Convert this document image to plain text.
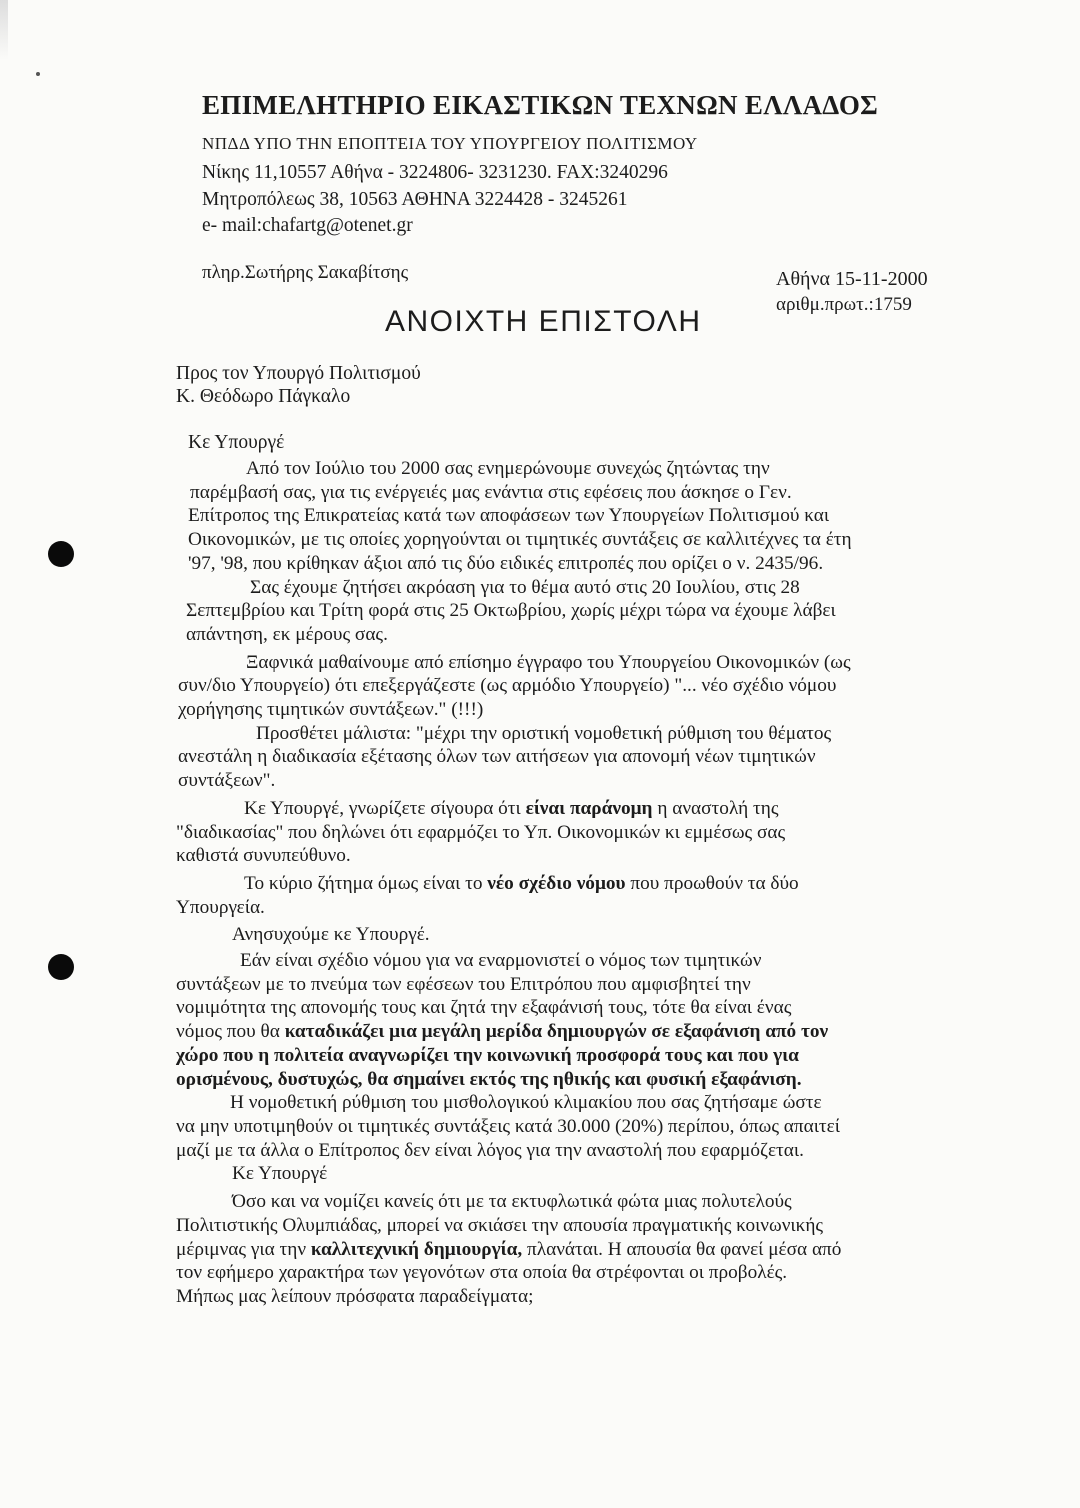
ΕΠΙΜΕΛΗΤΗΡΙΟ ΕΙΚΑΣΤΙΚΩΝ ΤΕΧΝΩΝ ΕΛΛΑΔΟΣ
ΝΠΔΔ ΥΠΟ ΤΗΝ ΕΠΟΠΤΕΙΑ ΤΟΥ ΥΠΟΥΡΓΕΙΟΥ ΠΟΛΙΤΙΣΜΟΥ
Νίκης 11,10557 Αθήνα - 3224806- 3231230. FAX:3240296
Μητροπόλεως 38, 10563 ΑΘΗΝΑ 3224428 - 3245261
e- mail:chafartg@otenet.gr
πληρ.Σωτήρης Σακαβίτσης	Αθήνα 15-11-2000
αριθμ.πρωτ.:1759
ΑΝΟΙΧΤΗ ΕΠΙΣΤΟΛΗ
Προς τον Υπουργό Πολιτισμού
Κ. Θεόδωρο Πάγκαλο
Κε Υπουργέ
Από τον Ιούλιο του 2000 σας ενημερώνουμε συνεχώς ζητώντας την
παρέμβασή σας, για τις ενέργειές μας ενάντια στις εφέσεις που άσκησε ο Γεν.
Επίτροπος της Επικρατείας κατά των αποφάσεων των Υπουργείων Πολιτισμού και
Οικονομικών, με τις οποίες χορηγούνται οι τιμητικές συντάξεις σε καλλιτέχνες τα έτη
'97, '98, που κρίθηκαν άξιοι από τις δύο ειδικές επιτροπές που ορίζει ο ν. 2435/96.
Σας έχουμε ζητήσει ακρόαση για το θέμα αυτό στις 20 Ιουλίου, στις 28
Σεπτεμβρίου και Τρίτη φορά στις 25 Οκτωβρίου, χωρίς μέχρι τώρα να έχουμε λάβει
απάντηση, εκ μέρους σας.
Ξαφνικά μαθαίνουμε από επίσημο έγγραφο του Υπουργείου Οικονομικών (ως
συν/διο Υπουργείο) ότι επεξεργάζεστε (ως αρμόδιο Υπουργείο) "... νέο σχέδιο νόμου
χορήγησης τιμητικών συντάξεων." (!!!)
Προσθέτει μάλιστα: "μέχρι την οριστική νομοθετική ρύθμιση του θέματος
ανεστάλη η διαδικασία εξέτασης όλων των αιτήσεων για απονομή νέων τιμητικών
συντάξεων".
Κε Υπουργέ, γνωρίζετε σίγουρα ότι είναι παράνομη η αναστολή της
"διαδικασίας" που δηλώνει ότι εφαρμόζει το Υπ. Οικονομικών κι εμμέσως σας
καθιστά συνυπεύθυνο.
Το κύριο ζήτημα όμως είναι το νέο σχέδιο νόμου που προωθούν τα δύο
Υπουργεία.
Ανησυχούμε κε Υπουργέ.
Εάν είναι σχέδιο νόμου για να εναρμονιστεί ο νόμος των τιμητικών
συντάξεων με το πνεύμα των εφέσεων του Επιτρόπου που αμφισβητεί την
νομιμότητα της απονομής τους και ζητά την εξαφάνισή τους, τότε θα είναι ένας
νόμος που θα καταδικάζει μια μεγάλη μερίδα δημιουργών σε εξαφάνιση από τον
χώρο που η πολιτεία αναγνωρίζει την κοινωνική προσφορά τους και που για
ορισμένους, δυστυχώς, θα σημαίνει εκτός της ηθικής και φυσική εξαφάνιση.
Η νομοθετική ρύθμιση του μισθολογικού κλιμακίου που σας ζητήσαμε ώστε
να μην υποτιμηθούν οι τιμητικές συντάξεις κατά 30.000 (20%) περίπου, όπως απαιτεί
μαζί με τα άλλα ο Επίτροπος δεν είναι λόγος για την αναστολή που εφαρμόζεται.
Κε Υπουργέ
Όσο και να νομίζει κανείς ότι με τα εκτυφλωτικά φώτα μιας πολυτελούς
Πολιτιστικής Ολυμπιάδας, μπορεί να σκιάσει την απουσία πραγματικής κοινωνικής
μέριμνας για την καλλιτεχνική δημιουργία, πλανάται. Η απουσία θα φανεί μέσα από
τον εφήμερο χαρακτήρα των γεγονότων στα οποία θα στρέφονται οι προβολές.
Μήπως μας λείπουν πρόσφατα παραδείγματα;
